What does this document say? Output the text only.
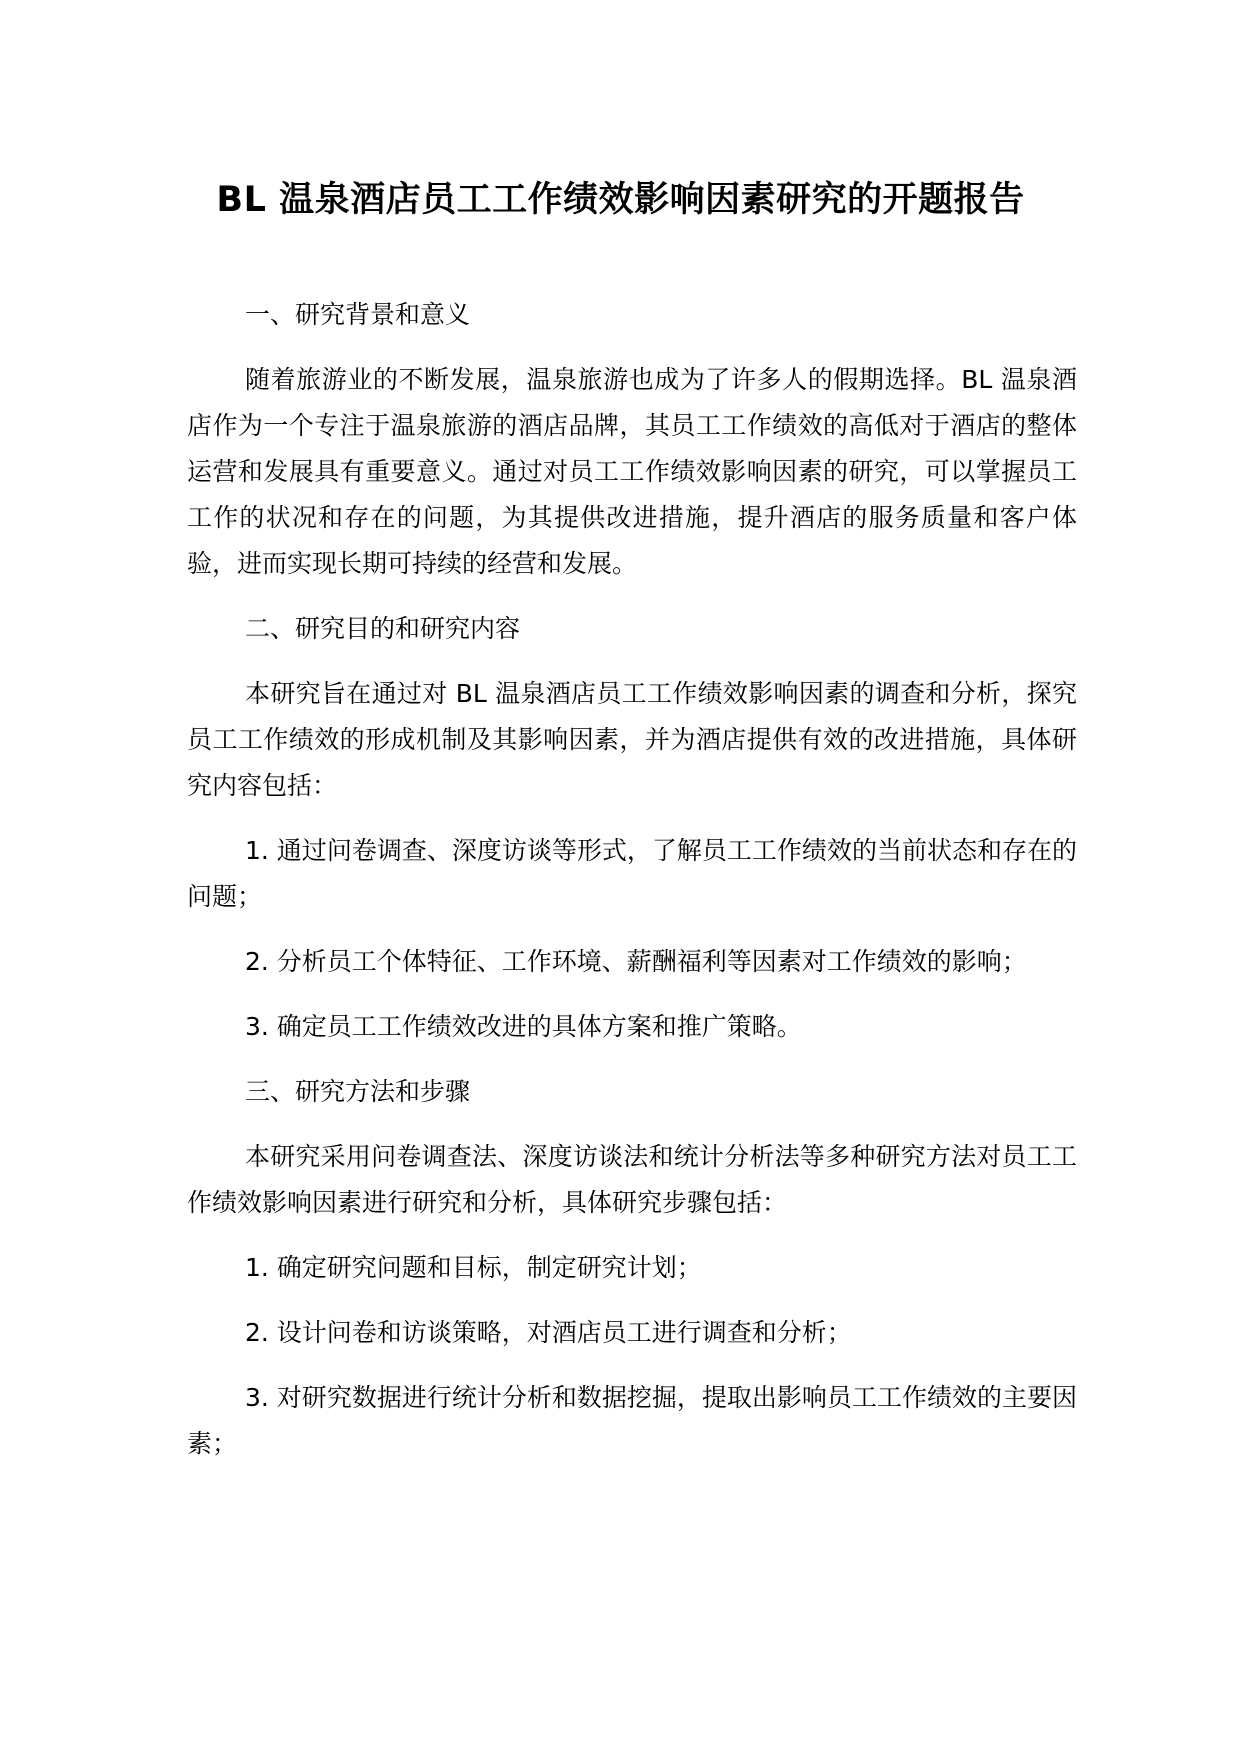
BL 温泉酒店员工工作绩效影响因素研究的开题报告

一、研究背景和意义

随着旅游业的不断发展，温泉旅游也成为了许多人的假期选择。BL 温泉酒店作为一个专注于温泉旅游的酒店品牌，其员工工作绩效的高低对于酒店的整体运营和发展具有重要意义。通过对员工工作绩效影响因素的研究，可以掌握员工工作的状况和存在的问题，为其提供改进措施，提升酒店的服务质量和客户体验，进而实现长期可持续的经营和发展。

二、研究目的和研究内容

本研究旨在通过对 BL 温泉酒店员工工作绩效影响因素的调查和分析，探究员工工作绩效的形成机制及其影响因素，并为酒店提供有效的改进措施，具体研究内容包括：

1. 通过问卷调查、深度访谈等形式，了解员工工作绩效的当前状态和存在的问题；

2. 分析员工个体特征、工作环境、薪酬福利等因素对工作绩效的影响；

3. 确定员工工作绩效改进的具体方案和推广策略。

三、研究方法和步骤

本研究采用问卷调查法、深度访谈法和统计分析法等多种研究方法对员工工作绩效影响因素进行研究和分析，具体研究步骤包括：

1. 确定研究问题和目标，制定研究计划；

2. 设计问卷和访谈策略，对酒店员工进行调查和分析；

3. 对研究数据进行统计分析和数据挖掘，提取出影响员工工作绩效的主要因素；
